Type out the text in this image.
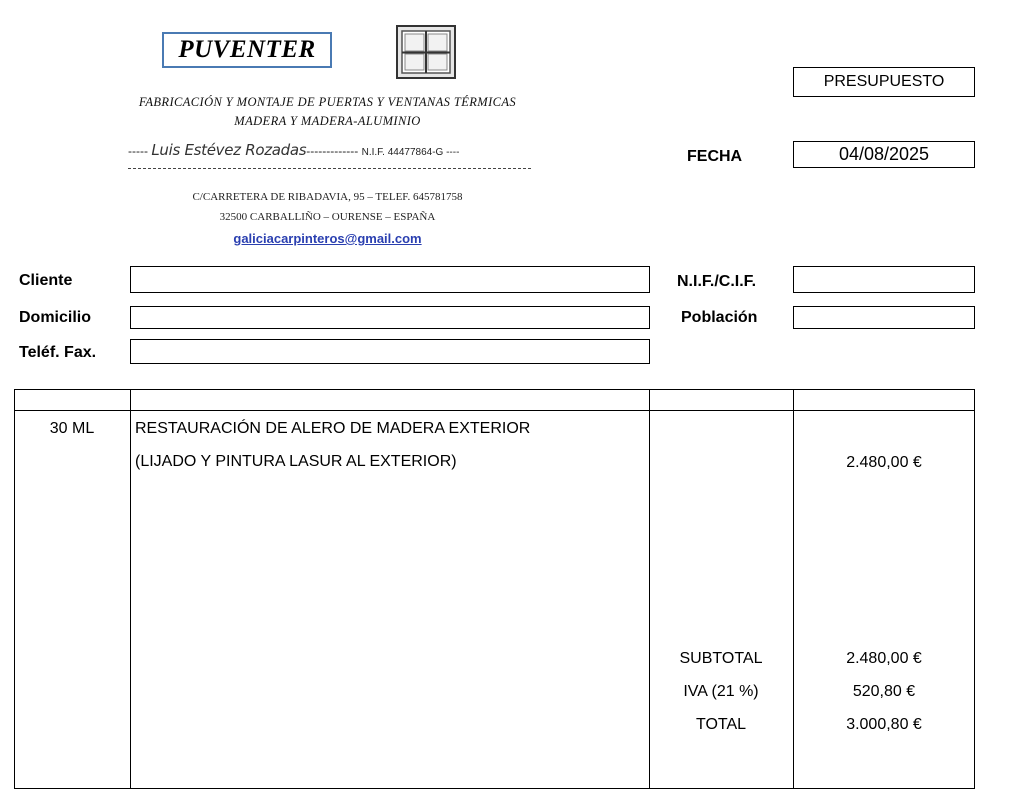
PUVENTER
FABRICACIÓN Y MONTAJE DE PUERTAS Y VENTANAS TÉRMICAS
MADERA Y MADERA-ALUMINIO
----- Luis Estévez Rozadas------------- N.I.F. 44477864-G ----
C/CARRETERA DE RIBADAVIA, 95 – TELEF. 645781758
32500 CARBALLIÑO – OURENSE – ESPAÑA
galiciacarpinteros@gmail.com
PRESUPUESTO
FECHA	04/08/2025
Cliente
Domicilio
Teléf. Fax.
N.I.F./C.I.F.
Población
30 ML	RESTAURACIÓN DE ALERO DE MADERA EXTERIOR
(LIJADO Y PINTURA LASUR AL EXTERIOR)	2.480,00 €
SUBTOTAL	2.480,00 €
IVA (21 %)	520,80 €
TOTAL	3.000,80 €
